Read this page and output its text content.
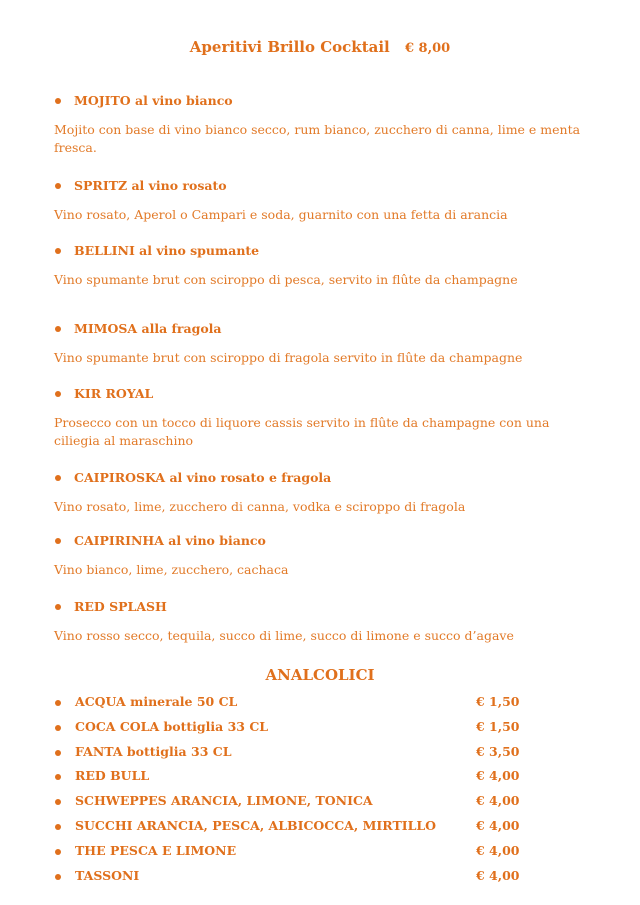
Aperitivi Brillo Cocktail € 8,00
MOJITO al vino bianco
Mojito con base di vino bianco secco, rum bianco, zucchero di canna, lime e menta fresca.
SPRITZ al vino rosato
Vino rosato, Aperol o Campari e soda, guarnito con una fetta di arancia
BELLINI al vino spumante
Vino spumante brut con sciroppo di pesca, servito in flûte da champagne
MIMOSA alla fragola
Vino spumante brut con sciroppo di fragola servito in flûte da champagne
KIR ROYAL
Prosecco con un tocco di liquore cassis servito in flûte da champagne con una ciliegia al maraschino
CAIPIROSKA al vino rosato e fragola
Vino rosato, lime, zucchero di canna, vodka e sciroppo di fragola
CAIPIRINHA al vino bianco
Vino bianco, lime, zucchero, cachaca
RED SPLASH
Vino rosso secco, tequila, succo di lime, succo di limone e succo d’agave
ANALCOLICI
ACQUA minerale 50 CL	€ 1,50
COCA COLA bottiglia 33 CL	€ 1,50
FANTA bottiglia 33 CL	€ 3,50
RED BULL	€ 4,00
SCHWEPPES ARANCIA, LIMONE, TONICA	€ 4,00
SUCCHI ARANCIA, PESCA, ALBICOCCA, MIRTILLO	€ 4,00
THE PESCA E LIMONE	€ 4,00
TASSONI	€ 4,00
